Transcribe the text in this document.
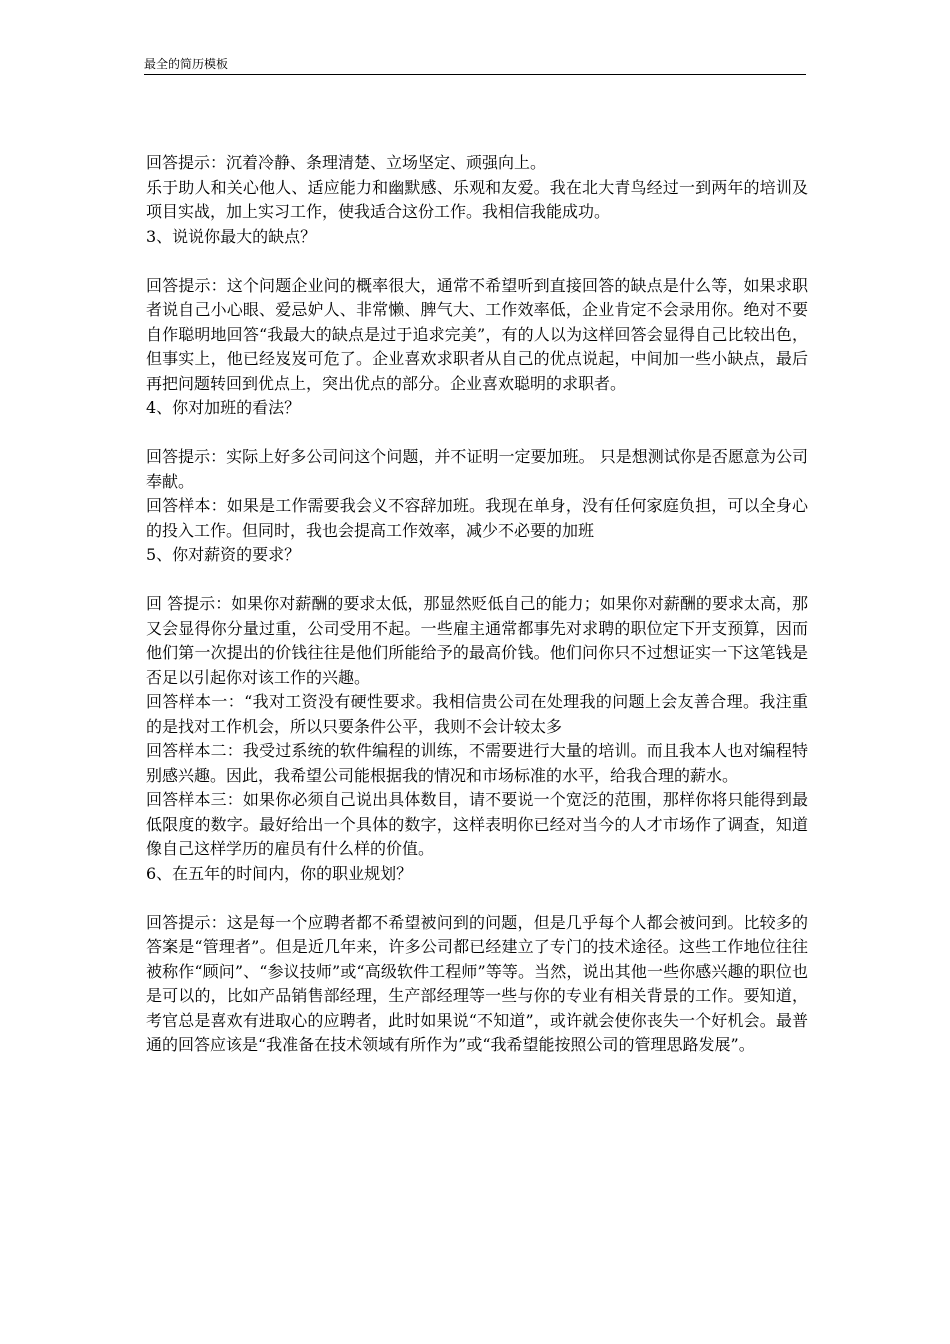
最全的简历模板

回答提示：沉着冷静、条理清楚、立场坚定、顽强向上。

乐于助人和关心他人、适应能力和幽默感、乐观和友爱。我在北大青鸟经过一到两年的培训及项目实战，加上实习工作，使我适合这份工作。我相信我能成功。

3、说说你最大的缺点？

回答提示：这个问题企业问的概率很大，通常不希望听到直接回答的缺点是什么等，如果求职者说自己小心眼、爱忌妒人、非常懒、脾气大、工作效率低，企业肯定不会录用你。绝对不要自作聪明地回答“我最大的缺点是过于追求完美”，有的人以为这样回答会显得自己比较出色，但事实上，他已经岌岌可危了。企业喜欢求职者从自己的优点说起，中间加一些小缺点，最后再把问题转回到优点上，突出优点的部分。企业喜欢聪明的求职者。

4、你对加班的看法？

回答提示：实际上好多公司问这个问题，并不证明一定要加班。 只是想测试你是否愿意为公司奉献。

回答样本：如果是工作需要我会义不容辞加班。我现在单身，没有任何家庭负担，可以全身心的投入工作。但同时，我也会提高工作效率，减少不必要的加班

5、你对薪资的要求？

回 答提示：如果你对薪酬的要求太低，那显然贬低自己的能力；如果你对薪酬的要求太高，那又会显得你分量过重，公司受用不起。一些雇主通常都事先对求聘的职位定下开支预算，因而他们第一次提出的价钱往往是他们所能给予的最高价钱。他们问你只不过想证实一下这笔钱是否足以引起你对该工作的兴趣。

回答样本一：“我对工资没有硬性要求。我相信贵公司在处理我的问题上会友善合理。我注重的是找对工作机会，所以只要条件公平，我则不会计较太多

回答样本二：我受过系统的软件编程的训练，不需要进行大量的培训。而且我本人也对编程特别感兴趣。因此，我希望公司能根据我的情况和市场标准的水平，给我合理的薪水。

回答样本三：如果你必须自己说出具体数目，请不要说一个宽泛的范围，那样你将只能得到最低限度的数字。最好给出一个具体的数字，这样表明你已经对当今的人才市场作了调查，知道像自己这样学历的雇员有什么样的价值。

6、在五年的时间内，你的职业规划？

回答提示：这是每一个应聘者都不希望被问到的问题，但是几乎每个人都会被问到。比较多的答案是“管理者”。但是近几年来，许多公司都已经建立了专门的技术途径。这些工作地位往往被称作“顾问”、“参议技师”或“高级软件工程师”等等。当然，说出其他一些你感兴趣的职位也是可以的，比如产品销售部经理，生产部经理等一些与你的专业有相关背景的工作。要知道，考官总是喜欢有进取心的应聘者，此时如果说“不知道”，或许就会使你丧失一个好机会。最普通的回答应该是“我准备在技术领域有所作为”或“我希望能按照公司的管理思路发展”。
